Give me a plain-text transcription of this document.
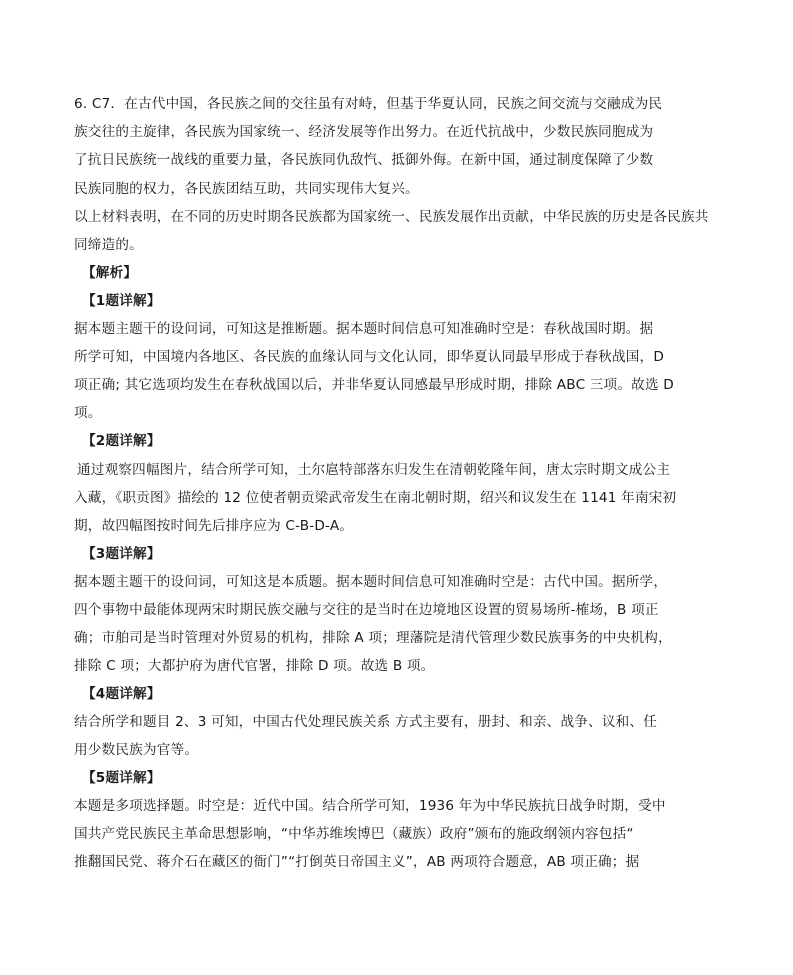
6. C7．在古代中国，各民族之间的交往虽有对峙，但基于华夏认同，民族之间交流与交融成为民
族交往的主旋律，各民族为国家统一、经济发展等作出努力。在近代抗战中，少数民族同胞成为
了抗日民族统一战线的重要力量，各民族同仇敌忾、抵御外侮。在新中国，通过制度保障了少数
民族同胞的权力，各民族团结互助，共同实现伟大复兴。
以上材料表明，在不同的历史时期各民族都为国家统一、民族发展作出贡献，中华民族的历史是各民族共
同缔造的。
【解析】
【1题详解】
据本题主题干的设问词，可知这是推断题。据本题时间信息可知准确时空是：春秋战国时期。据
所学可知，中国境内各地区、各民族的血缘认同与文化认同，即华夏认同最早形成于春秋战国，D
项正确; 其它选项均发生在春秋战国以后，并非华夏认同感最早形成时期，排除 ABC 三项。故选 D
项。
【2题详解】
通过观察四幅图片，结合所学可知，土尔扈特部落东归发生在清朝乾隆年间，唐太宗时期文成公主
入藏，《职贡图》描绘的 12 位使者朝贡梁武帝发生在南北朝时期，绍兴和议发生在 1141 年南宋初
期，故四幅图按时间先后排序应为 C-B-D-A。
【3题详解】
据本题主题干的设问词，可知这是本质题。据本题时间信息可知准确时空是：古代中国。据所学，
四个事物中最能体现两宋时期民族交融与交往的是当时在边境地区设置的贸易场所-榷场，B 项正
确；市舶司是当时管理对外贸易的机构，排除 A 项；理藩院是清代管理少数民族事务的中央机构，
排除 C 项；大都护府为唐代官署，排除 D 项。故选 B 项。
【4题详解】
结合所学和题目 2、3 可知，中国古代处理民族关系 方式主要有，册封、和亲、战争、议和、任
用少数民族为官等。
【5题详解】
本题是多项选择题。时空是：近代中国。结合所学可知，1936 年为中华民族抗日战争时期，受中
国共产党民族民主革命思想影响，“中华苏维埃博巴（藏族）政府”颁布的施政纲领内容包括“
推翻国民党、蒋介石在藏区的衙门”“打倒英日帝国主义”，AB 两项符合题意，AB 项正确；据
